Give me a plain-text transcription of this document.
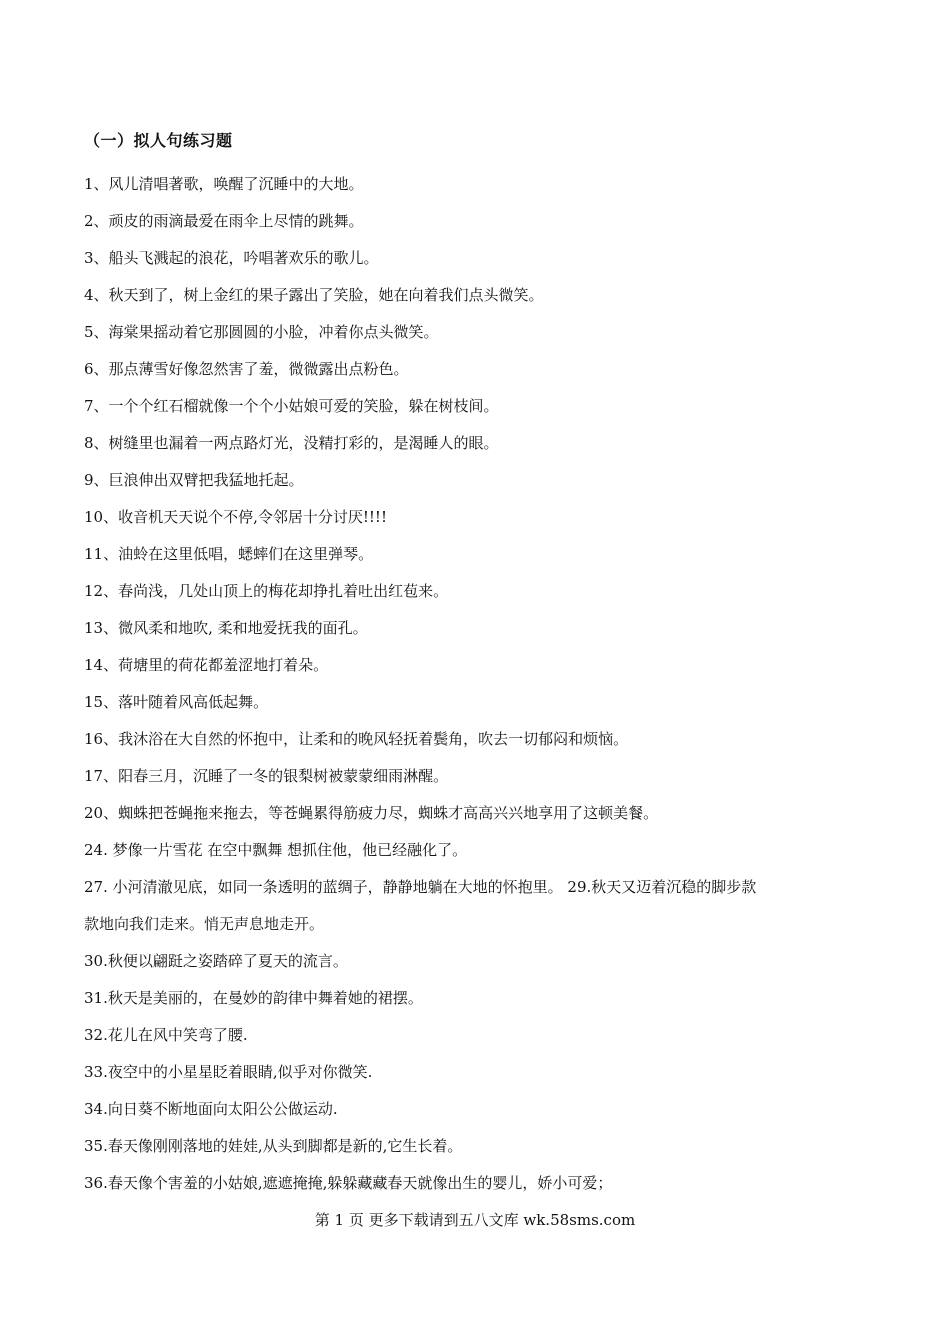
（一）拟人句练习题
1、风儿清唱著歌，唤醒了沉睡中的大地。
2、顽皮的雨滴最爱在雨伞上尽情的跳舞。
3、船头飞溅起的浪花，吟唱著欢乐的歌儿。
4、秋天到了，树上金红的果子露出了笑脸，她在向着我们点头微笑。
5、海棠果摇动着它那圆圆的小脸，冲着你点头微笑。
6、那点薄雪好像忽然害了羞，微微露出点粉色。
7、一个个红石榴就像一个个小姑娘可爱的笑脸，躲在树枝间。
8、树缝里也漏着一两点路灯光，没精打彩的，是渴睡人的眼。
9、巨浪伸出双臂把我猛地托起。
10、收音机天天说个不停,令邻居十分讨厌!!!!
11、油蛉在这里低唱，蟋蟀们在这里弹琴。
12、春尚浅，几处山顶上的梅花却挣扎着吐出红苞来。
13、微风柔和地吹, 柔和地爱抚我的面孔。
14、荷塘里的荷花都羞涩地打着朵。
15、落叶随着风高低起舞。
16、我沐浴在大自然的怀抱中，让柔和的晚风轻抚着鬓角，吹去一切郁闷和烦恼。
17、阳春三月，沉睡了一冬的银梨树被蒙蒙细雨淋醒。
20、蜘蛛把苍蝇拖来拖去，等苍蝇累得筋疲力尽，蜘蛛才高高兴兴地享用了这顿美餐。
24. 梦像一片雪花 在空中飘舞 想抓住他，他已经融化了。
27. 小河清澈见底，如同一条透明的蓝绸子，静静地躺在大地的怀抱里。 29.秋天又迈着沉稳的脚步款
款地向我们走来。悄无声息地走开。
30.秋便以翩跹之姿踏碎了夏天的流言。
31.秋天是美丽的，在曼妙的韵律中舞着她的裙摆。
32.花儿在风中笑弯了腰.
33.夜空中的小星星眨着眼睛,似乎对你微笑.
34.向日葵不断地面向太阳公公做运动.
35.春天像刚刚落地的娃娃,从头到脚都是新的,它生长着。
36.春天像个害羞的小姑娘,遮遮掩掩,躲躲藏藏春天就像出生的婴儿，娇小可爱；
第 1 页 更多下载请到五八文库 wk.58sms.com
